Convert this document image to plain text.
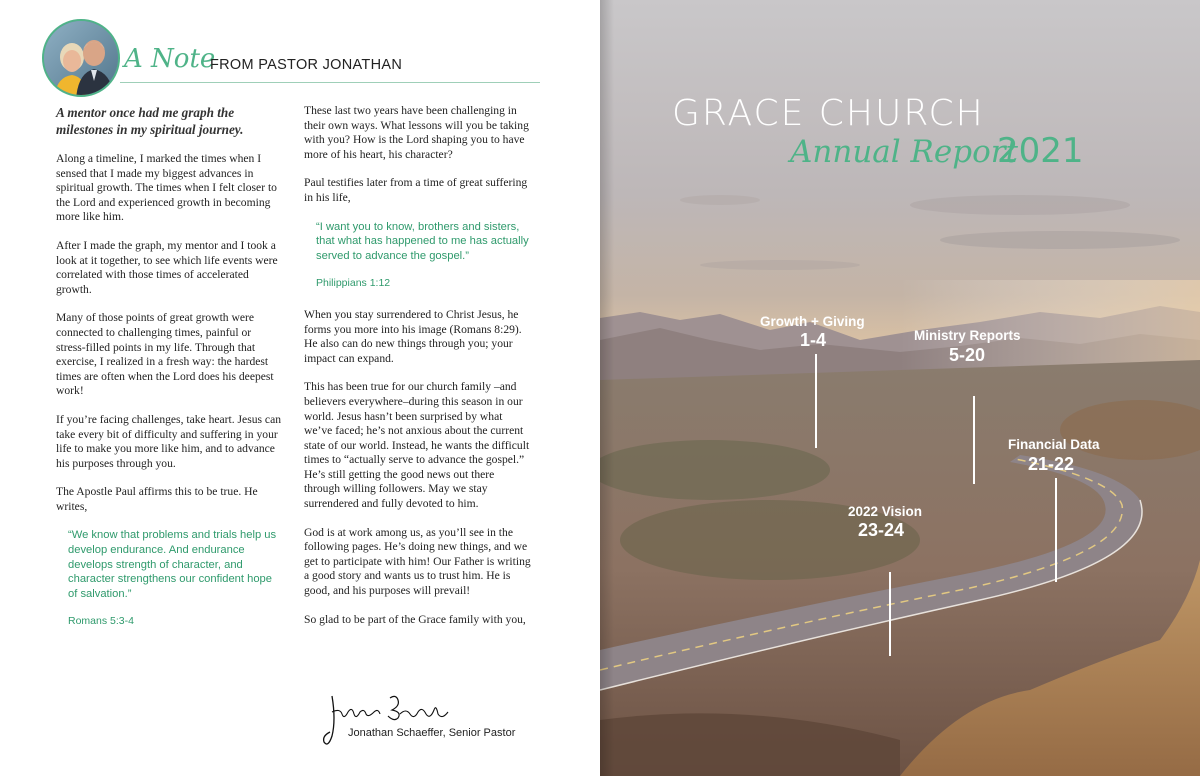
A Note
FROM PASTOR JONATHAN

A mentor once had me graph the milestones in my spiritual journey.

Along a timeline, I marked the times when I sensed that I made my biggest advances in spiritual growth. The times when I felt closer to the Lord and experienced growth in becoming more like him.

After I made the graph, my mentor and I took a look at it together, to see which life events were correlated with those times of accelerated growth.

Many of those points of great growth were connected to challenging times, painful or stress-filled points in my life. Through that exercise, I realized in a fresh way: the hardest times are often when the Lord does his deepest work!

If you’re facing challenges, take heart. Jesus can take every bit of difficulty and suffering in your life to make you more like him, and to advance his purposes through you.

The Apostle Paul affirms this to be true. He writes,

“We know that problems and trials help us develop endurance. And endurance develops strength of character, and character strengthens our confident hope of salvation.”
Romans 5:3-4

These last two years have been challenging in their own ways. What lessons will you be taking with you? How is the Lord shaping you to have more of his heart, his character?

Paul testifies later from a time of great suffering in his life,

“I want you to know, brothers and sisters, that what has happened to me has actually served to advance the gospel.”
Philippians 1:12

When you stay surrendered to Christ Jesus, he forms you more into his image (Romans 8:29). He also can do new things through you; your impact can expand.

This has been true for our church family –and believers everywhere–during this season in our world. Jesus hasn’t been surprised by what we’ve faced; he’s not anxious about the current state of our world. Instead, he wants the difficult times to “actually serve to advance the gospel.” He’s still getting the good news out there through willing followers. May we stay surrendered and fully devoted to him.

God is at work among us, as you’ll see in the following pages. He’s doing new things, and we get to participate with him! Our Father is writing a good story and wants us to trust him. He is good, and his purposes will prevail!

So glad to be part of the Grace family with you,

Jonathan Schaeffer, Senior Pastor
GRACE CHURCH
Annual Report
2021
Growth + Giving
1-4	Ministry Reports
5-20
Financial Data
21-22
2022 Vision
23-24
